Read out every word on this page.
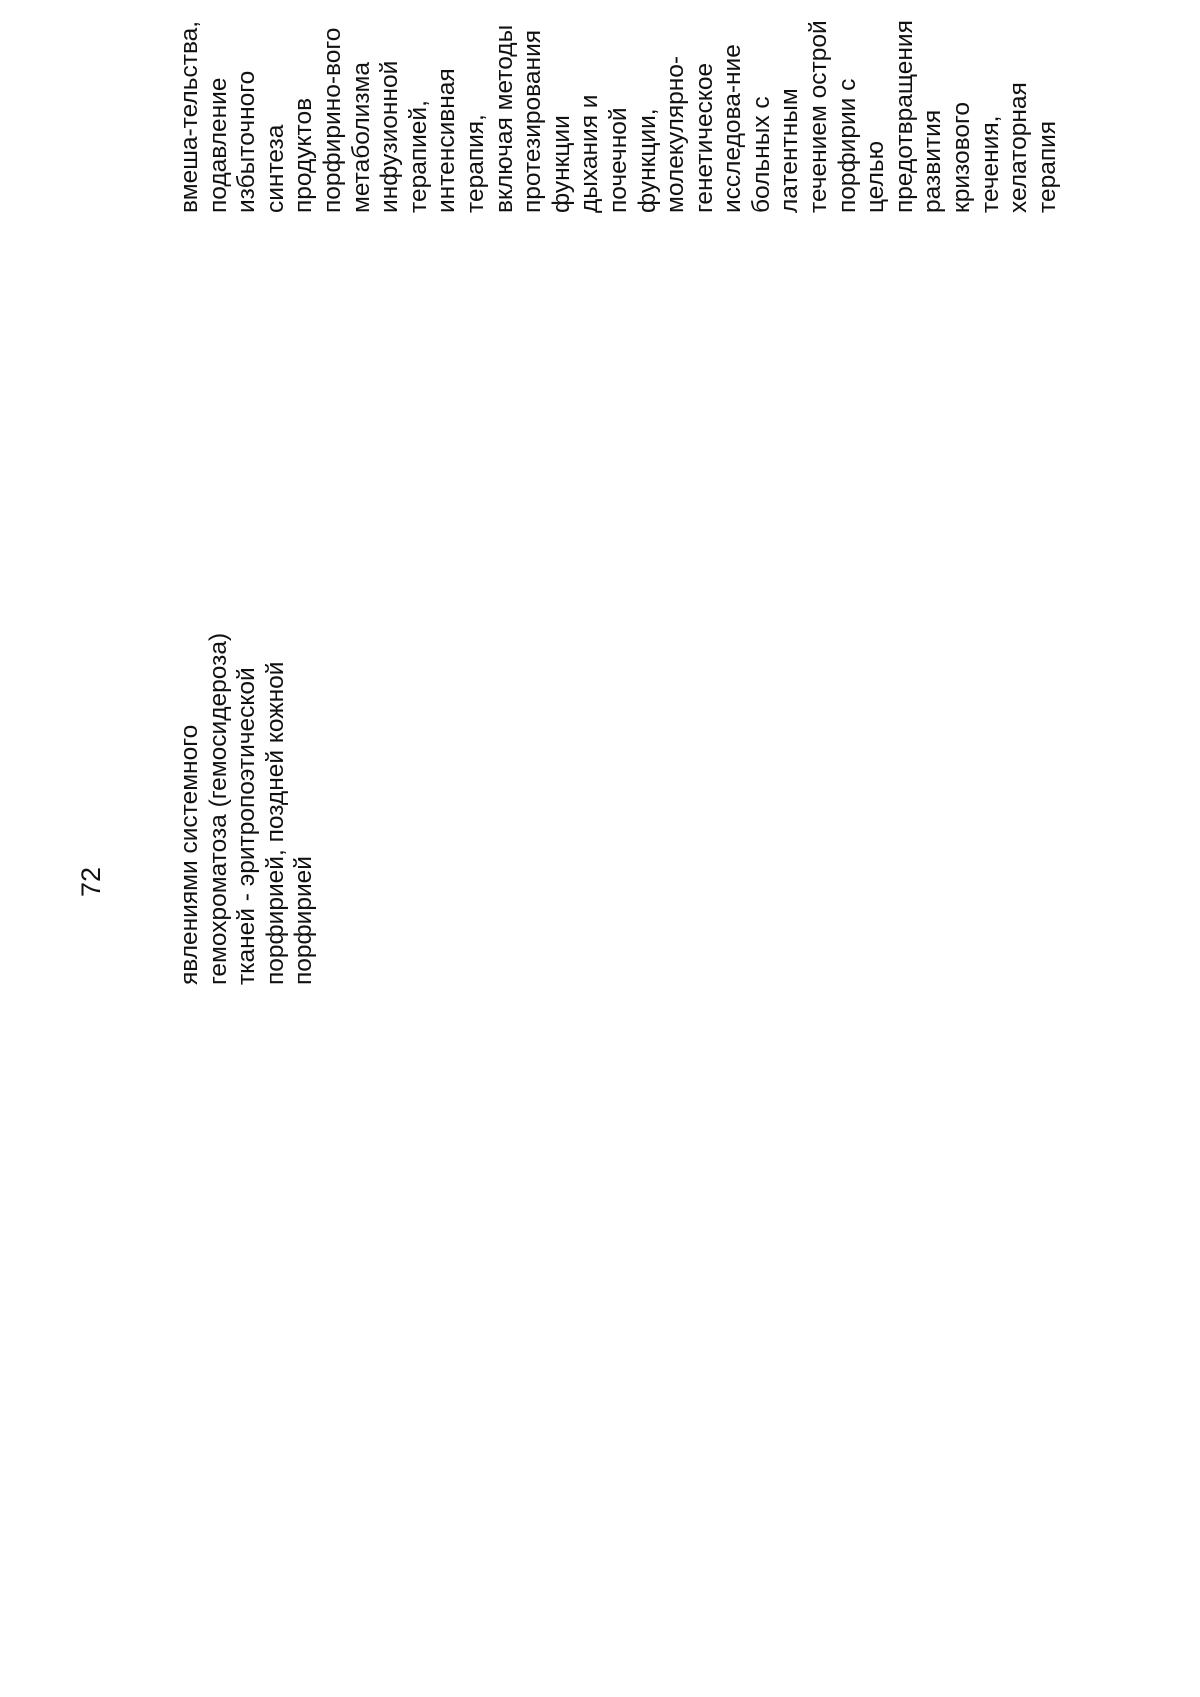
72	явлениями системного гемохроматоза (гемосидероза) тканей - эритропоэтической порфирией, поздней кожной порфирией
вмеша-тельства, подавление избыточного синтеза продуктов порфирино-вого метаболизма инфузионной терапией, интенсивная терапия, включая методы протезирования функции дыхания и почечной функции, молекулярно- генетическое исследова-ние больных с латентным течением острой порфирии с целью предотвращения развития кризового течения, хелаторная терапия
